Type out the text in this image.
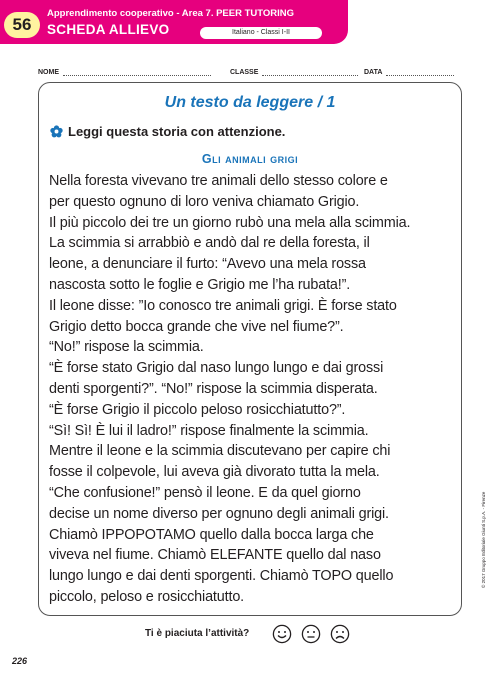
56
Apprendimento cooperativo - Area 7. PEER TUTORING
SCHEDA ALLIEVO	Italiano - Classi I-II
NOME	CLASSE	DATA
Un testo da leggere / 1
Leggi questa storia con attenzione.
Gli animali grigi
Nella foresta vivevano tre animali dello stesso colore e
per questo ognuno di loro veniva chiamato Grigio.
Il più piccolo dei tre un giorno rubò una mela alla scimmia.
La scimmia si arrabbiò e andò dal re della foresta, il
leone, a denunciare il furto: “Avevo una mela rossa
nascosta sotto le foglie e Grigio me l’ha rubata!”.
Il leone disse: ”Io conosco tre animali grigi. È forse stato
Grigio detto bocca grande che vive nel fiume?”.
“No!” rispose la scimmia.
“È forse stato Grigio dal naso lungo lungo e dai grossi
denti sporgenti?”. “No!” rispose la scimmia disperata.
“È forse Grigio il piccolo peloso rosicchiatutto?”.
“Sì! Sì! È lui il ladro!” rispose finalmente la scimmia.
Mentre il leone e la scimmia discutevano per capire chi
fosse il colpevole, lui aveva già divorato tutta la mela.
“Che confusione!” pensò il leone. E da quel giorno
decise un nome diverso per ognuno degli animali grigi.
Chiamò IPPOPOTAMO quello dalla bocca larga che
viveva nel fiume. Chiamò ELEFANTE quello dal naso
lungo lungo e dai denti sporgenti. Chiamò TOPO quello
piccolo, peloso e rosicchiatutto.
© 2017 Gruppo Editoriale Giunti S.p.A. - Firenze
Ti è piaciuta l’attività?
226
